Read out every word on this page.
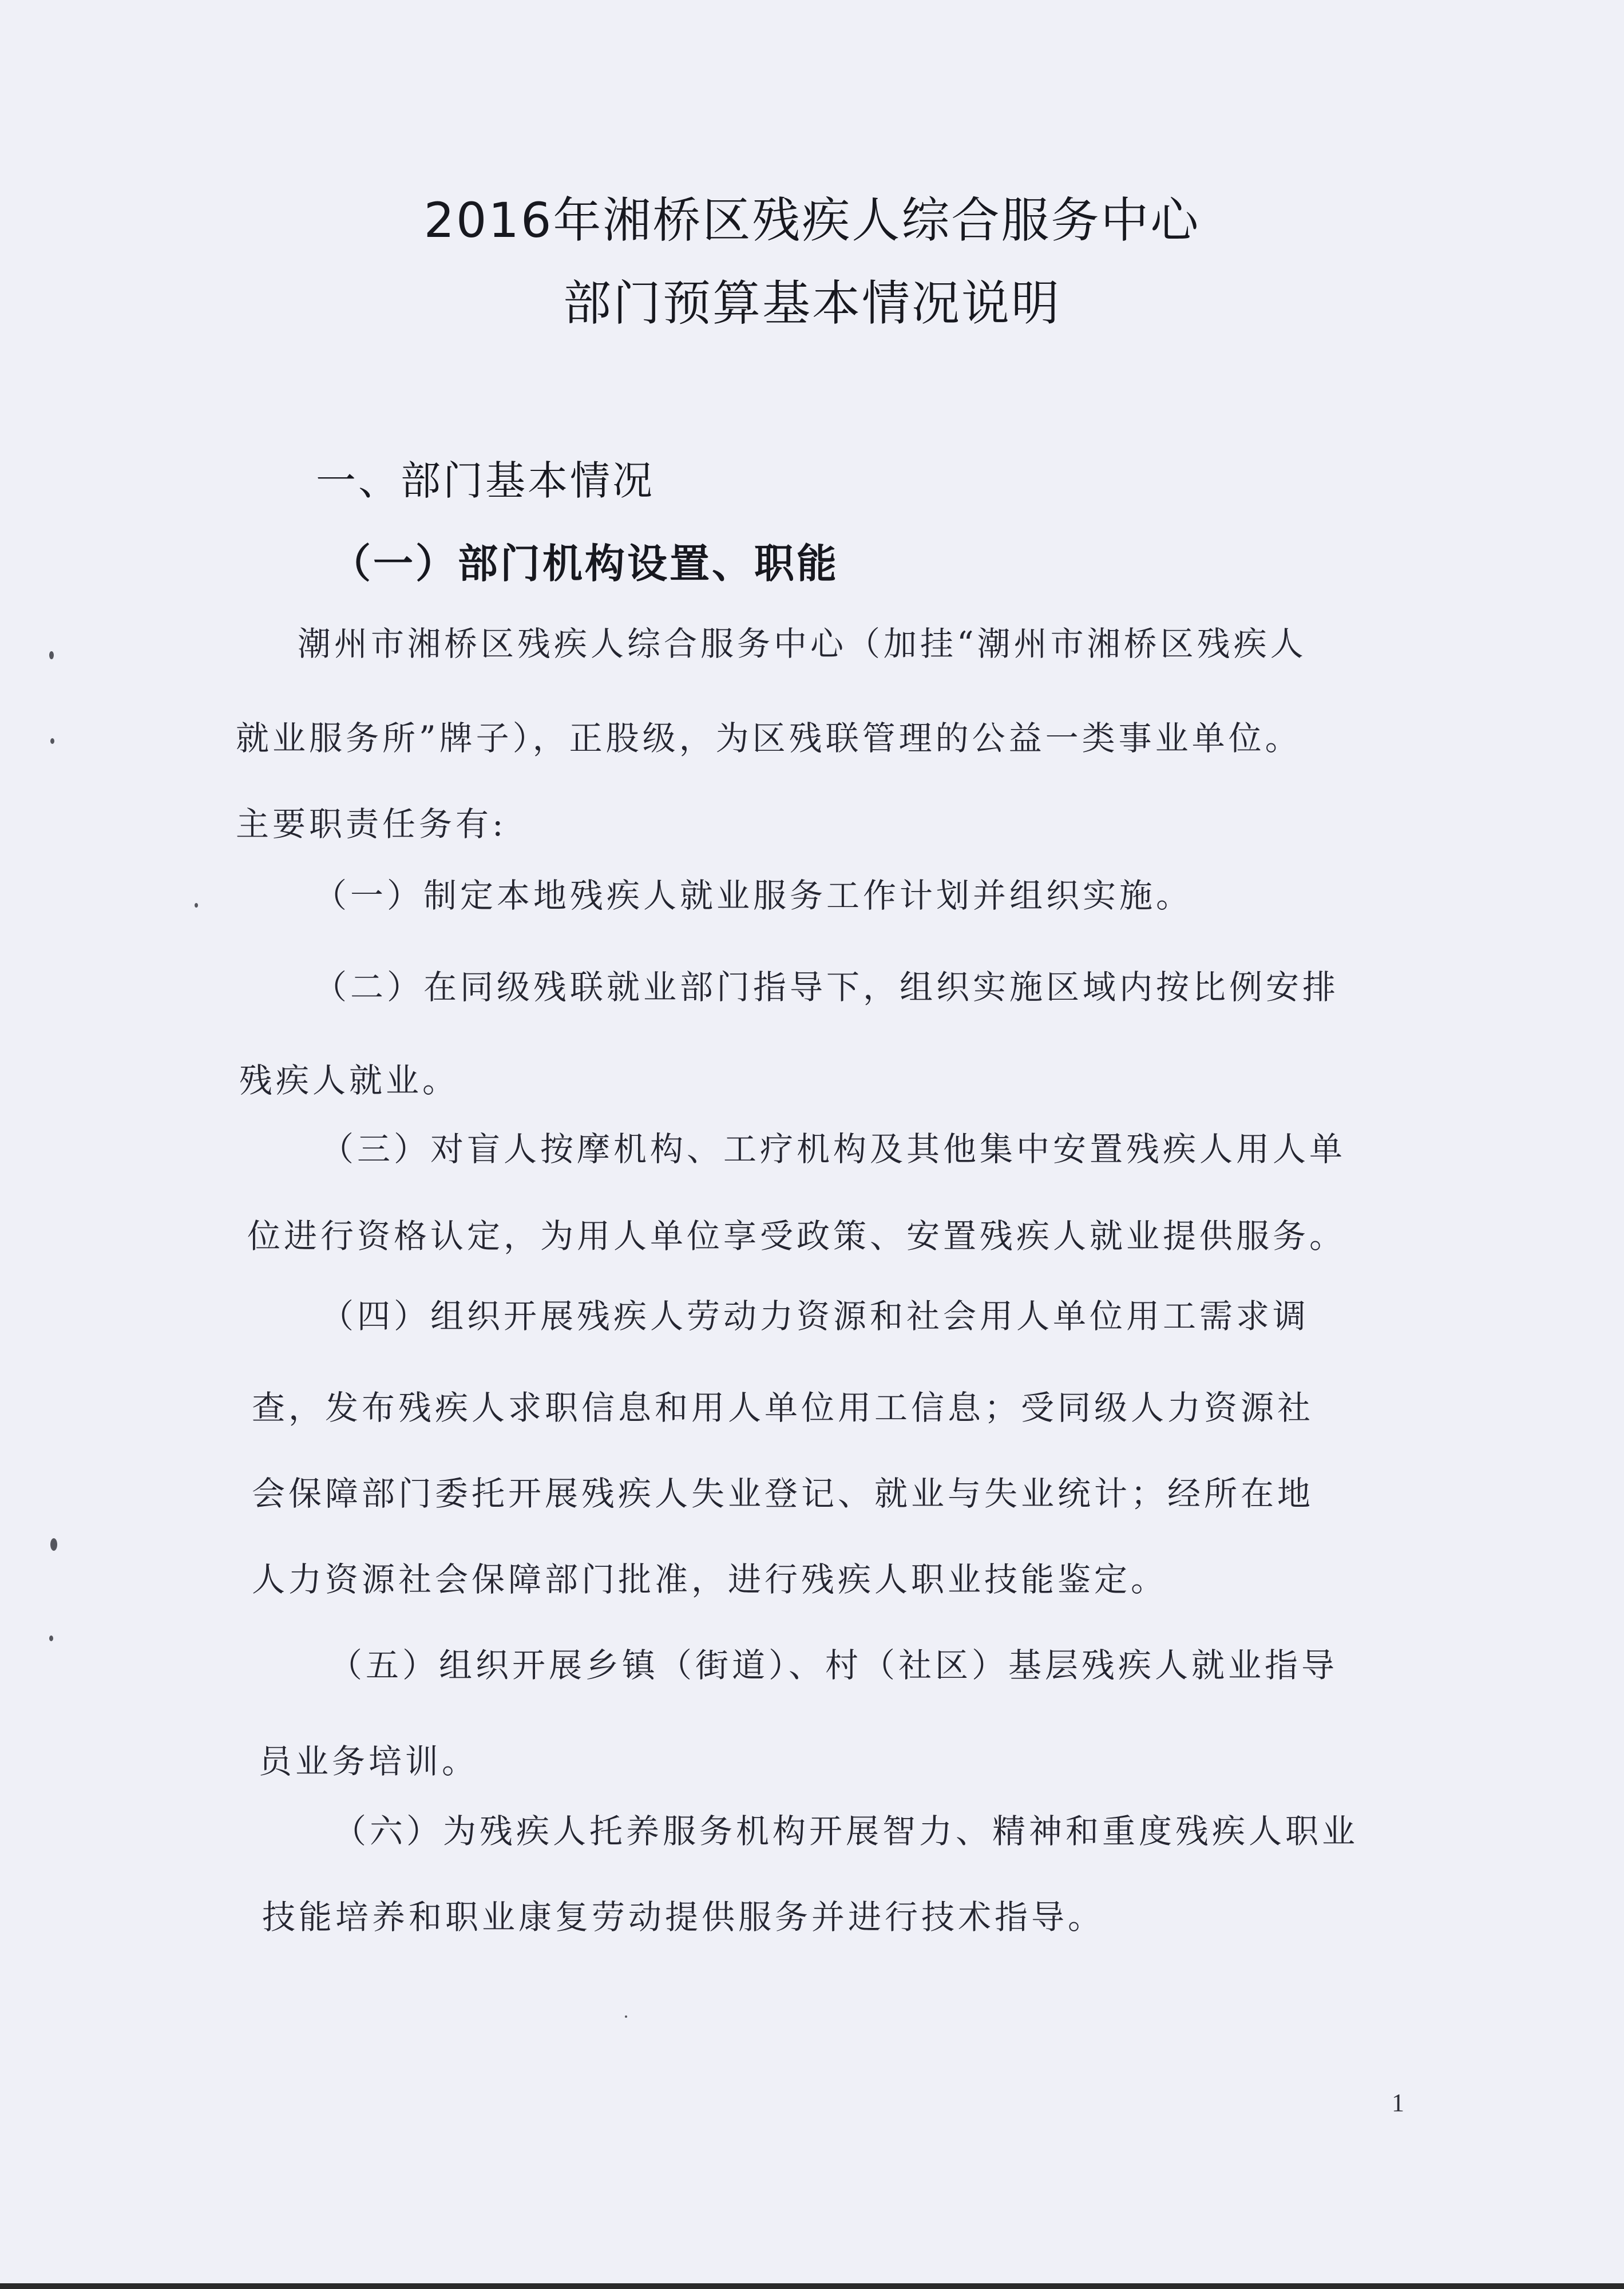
2016年湘桥区残疾人综合服务中心
部门预算基本情况说明
一、部门基本情况
（一）部门机构设置、职能
潮州市湘桥区残疾人综合服务中心（加挂“潮州市湘桥区残疾人
就业服务所”牌子），正股级，为区残联管理的公益一类事业单位。
主要职责任务有:
（一）制定本地残疾人就业服务工作计划并组织实施。
（二）在同级残联就业部门指导下，组织实施区域内按比例安排
残疾人就业。
（三）对盲人按摩机构、工疗机构及其他集中安置残疾人用人单
位进行资格认定，为用人单位享受政策、安置残疾人就业提供服务。
（四）组织开展残疾人劳动力资源和社会用人单位用工需求调
查，发布残疾人求职信息和用人单位用工信息；受同级人力资源社
会保障部门委托开展残疾人失业登记、就业与失业统计；经所在地
人力资源社会保障部门批准，进行残疾人职业技能鉴定。
（五）组织开展乡镇（街道）、村（社区）基层残疾人就业指导
员业务培训。
（六）为残疾人托养服务机构开展智力、精神和重度残疾人职业
技能培养和职业康复劳动提供服务并进行技术指导。
1
